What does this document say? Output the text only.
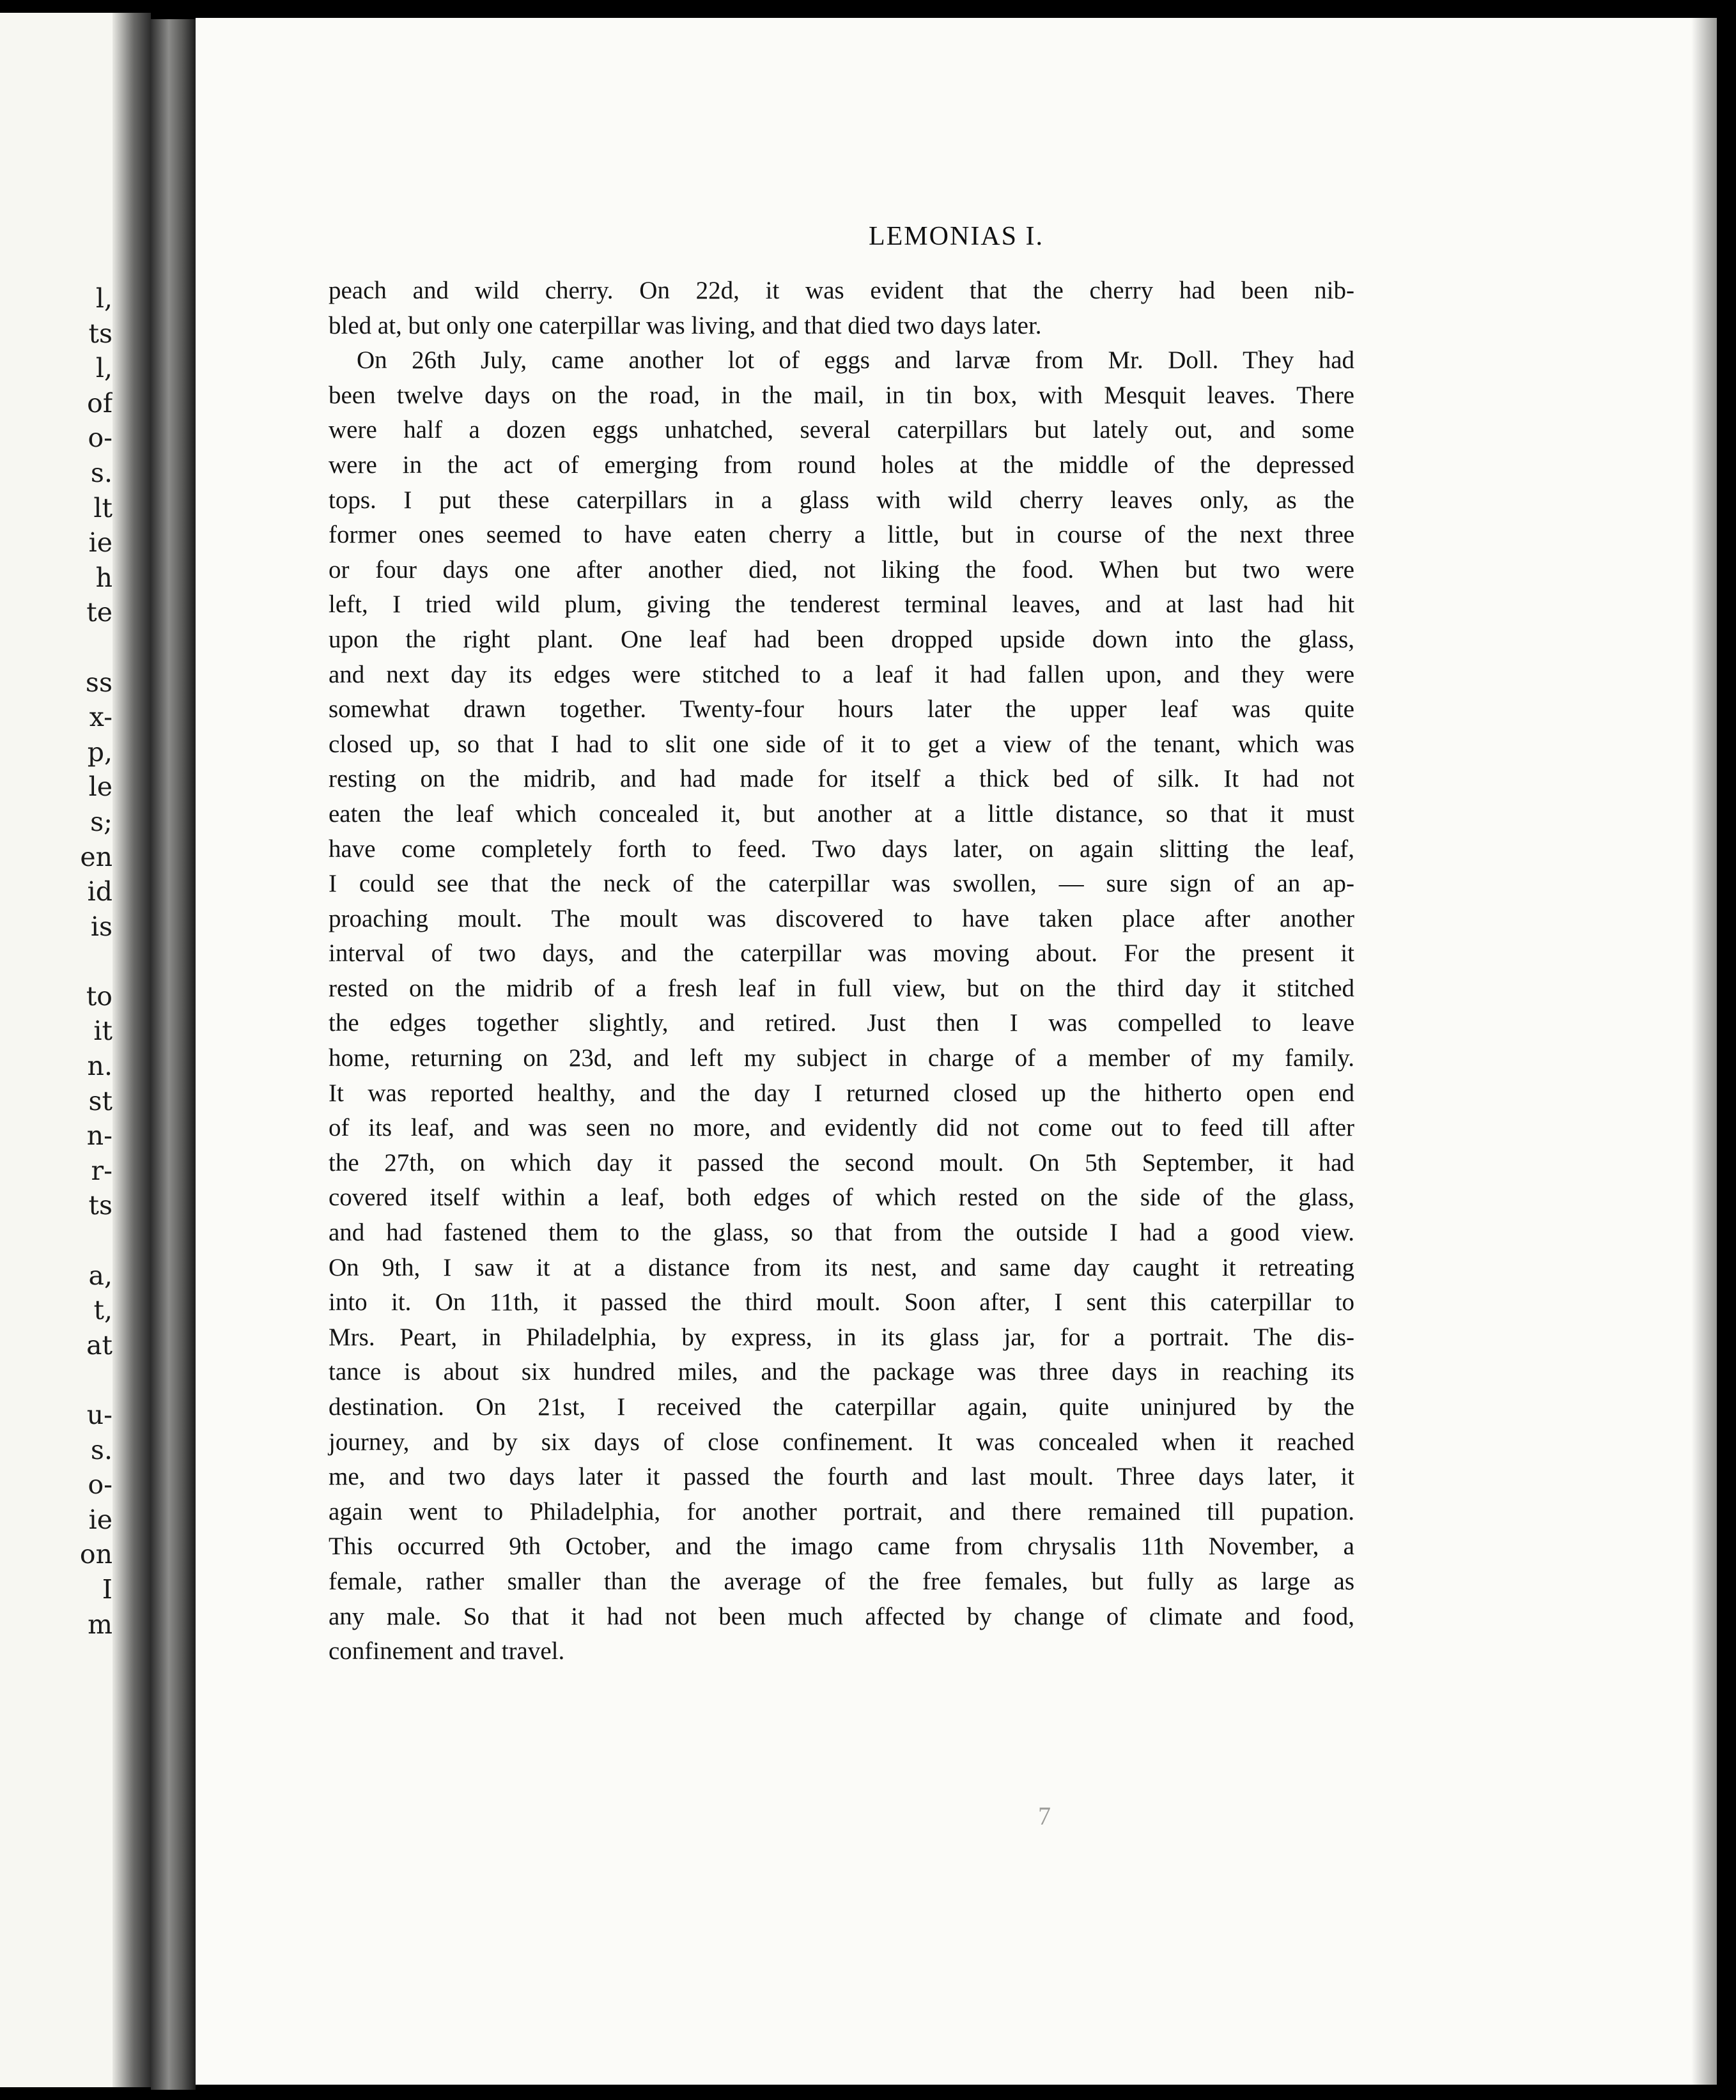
l,
ts
l,
of
o-
s.
lt
ie
h
te
ss
x-
p,
le
s;
en
id
is
to
it
n.
st
n-
r-
ts
a,
t,
at
u-
s.
o-
ie
on
I
m
LEMONIAS I.
peach and wild cherry. On 22d, it was evident that the cherry had been nib-
bled at, but only one caterpillar was living, and that died two days later.
On 26th July, came another lot of eggs and larvæ from Mr. Doll. They had
been twelve days on the road, in the mail, in tin box, with Mesquit leaves. There
were half a dozen eggs unhatched, several caterpillars but lately out, and some
were in the act of emerging from round holes at the middle of the depressed
tops. I put these caterpillars in a glass with wild cherry leaves only, as the
former ones seemed to have eaten cherry a little, but in course of the next three
or four days one after another died, not liking the food. When but two were
left, I tried wild plum, giving the tenderest terminal leaves, and at last had hit
upon the right plant. One leaf had been dropped upside down into the glass,
and next day its edges were stitched to a leaf it had fallen upon, and they were
somewhat drawn together. Twenty-four hours later the upper leaf was quite
closed up, so that I had to slit one side of it to get a view of the tenant, which was
resting on the midrib, and had made for itself a thick bed of silk. It had not
eaten the leaf which concealed it, but another at a little distance, so that it must
have come completely forth to feed. Two days later, on again slitting the leaf,
I could see that the neck of the caterpillar was swollen, — sure sign of an ap-
proaching moult. The moult was discovered to have taken place after another
interval of two days, and the caterpillar was moving about. For the present it
rested on the midrib of a fresh leaf in full view, but on the third day it stitched
the edges together slightly, and retired. Just then I was compelled to leave
home, returning on 23d, and left my subject in charge of a member of my family.
It was reported healthy, and the day I returned closed up the hitherto open end
of its leaf, and was seen no more, and evidently did not come out to feed till after
the 27th, on which day it passed the second moult. On 5th September, it had
covered itself within a leaf, both edges of which rested on the side of the glass,
and had fastened them to the glass, so that from the outside I had a good view.
On 9th, I saw it at a distance from its nest, and same day caught it retreating
into it. On 11th, it passed the third moult. Soon after, I sent this caterpillar to
Mrs. Peart, in Philadelphia, by express, in its glass jar, for a portrait. The dis-
tance is about six hundred miles, and the package was three days in reaching its
destination. On 21st, I received the caterpillar again, quite uninjured by the
journey, and by six days of close confinement. It was concealed when it reached
me, and two days later it passed the fourth and last moult. Three days later, it
again went to Philadelphia, for another portrait, and there remained till pupation.
This occurred 9th October, and the imago came from chrysalis 11th November, a
female, rather smaller than the average of the free females, but fully as large as
any male. So that it had not been much affected by change of climate and food,
confinement and travel.
7
